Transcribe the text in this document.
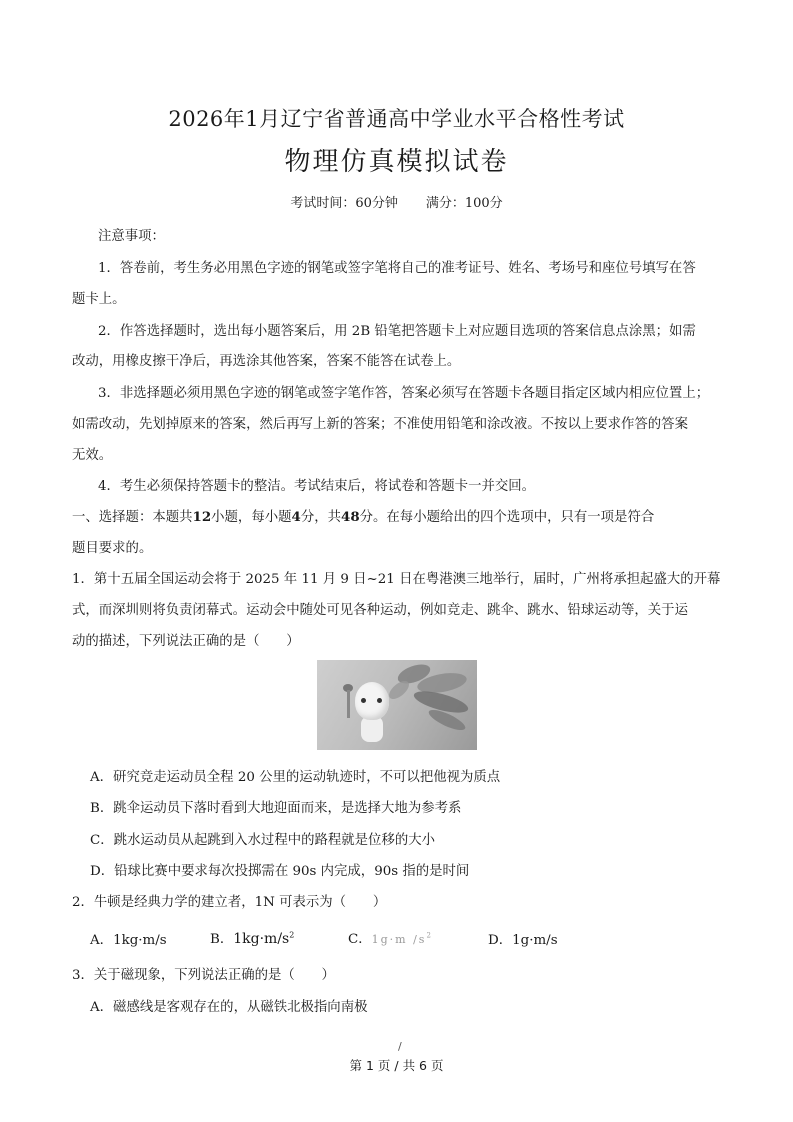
2026年1月辽宁省普通高中学业水平合格性考试
物理仿真模拟试卷
考试时间：60分钟 满分：100分
注意事项：
1．答卷前，考生务必用黑色字迹的钢笔或签字笔将自己的准考证号、姓名、考场号和座位号填写在答
题卡上。
2．作答选择题时，选出每小题答案后，用 2B 铅笔把答题卡上对应题目选项的答案信息点涂黑；如需
改动，用橡皮擦干净后，再选涂其他答案，答案不能答在试卷上。
3．非选择题必须用黑色字迹的钢笔或签字笔作答，答案必须写在答题卡各题目指定区域内相应位置上；
如需改动，先划掉原来的答案，然后再写上新的答案；不准使用铅笔和涂改液。不按以上要求作答的答案
无效。
4．考生必须保持答题卡的整洁。考试结束后，将试卷和答题卡一并交回。
一、选择题：本题共12小题，每小题4分，共48分。在每小题给出的四个选项中，只有一项是符合
题目要求的。
1．第十五届全国运动会将于 2025 年 11 月 9 日~21 日在粤港澳三地举行，届时，广州将承担起盛大的开幕
式，而深圳则将负责闭幕式。运动会中随处可见各种运动，例如竞走、跳伞、跳水、铅球运动等，关于运
动的描述，下列说法正确的是（　　）
A．研究竞走运动员全程 20 公里的运动轨迹时，不可以把他视为质点
B．跳伞运动员下落时看到大地迎面而来，是选择大地为参考系
C．跳水运动员从起跳到入水过程中的路程就是位移的大小
D．铅球比赛中要求每次投掷需在 90s 内完成，90s 指的是时间
2．牛顿是经典力学的建立者，1N 可表示为（　　）
A．1kg·m/s	B．$1kg\cdot m/s^2$	C．1g·m $/s^2$	D．1g·m/s
3．关于磁现象，下列说法正确的是（　　）
A．磁感线是客观存在的，从磁铁北极指向南极
/
第 1 页 / 共 6 页
